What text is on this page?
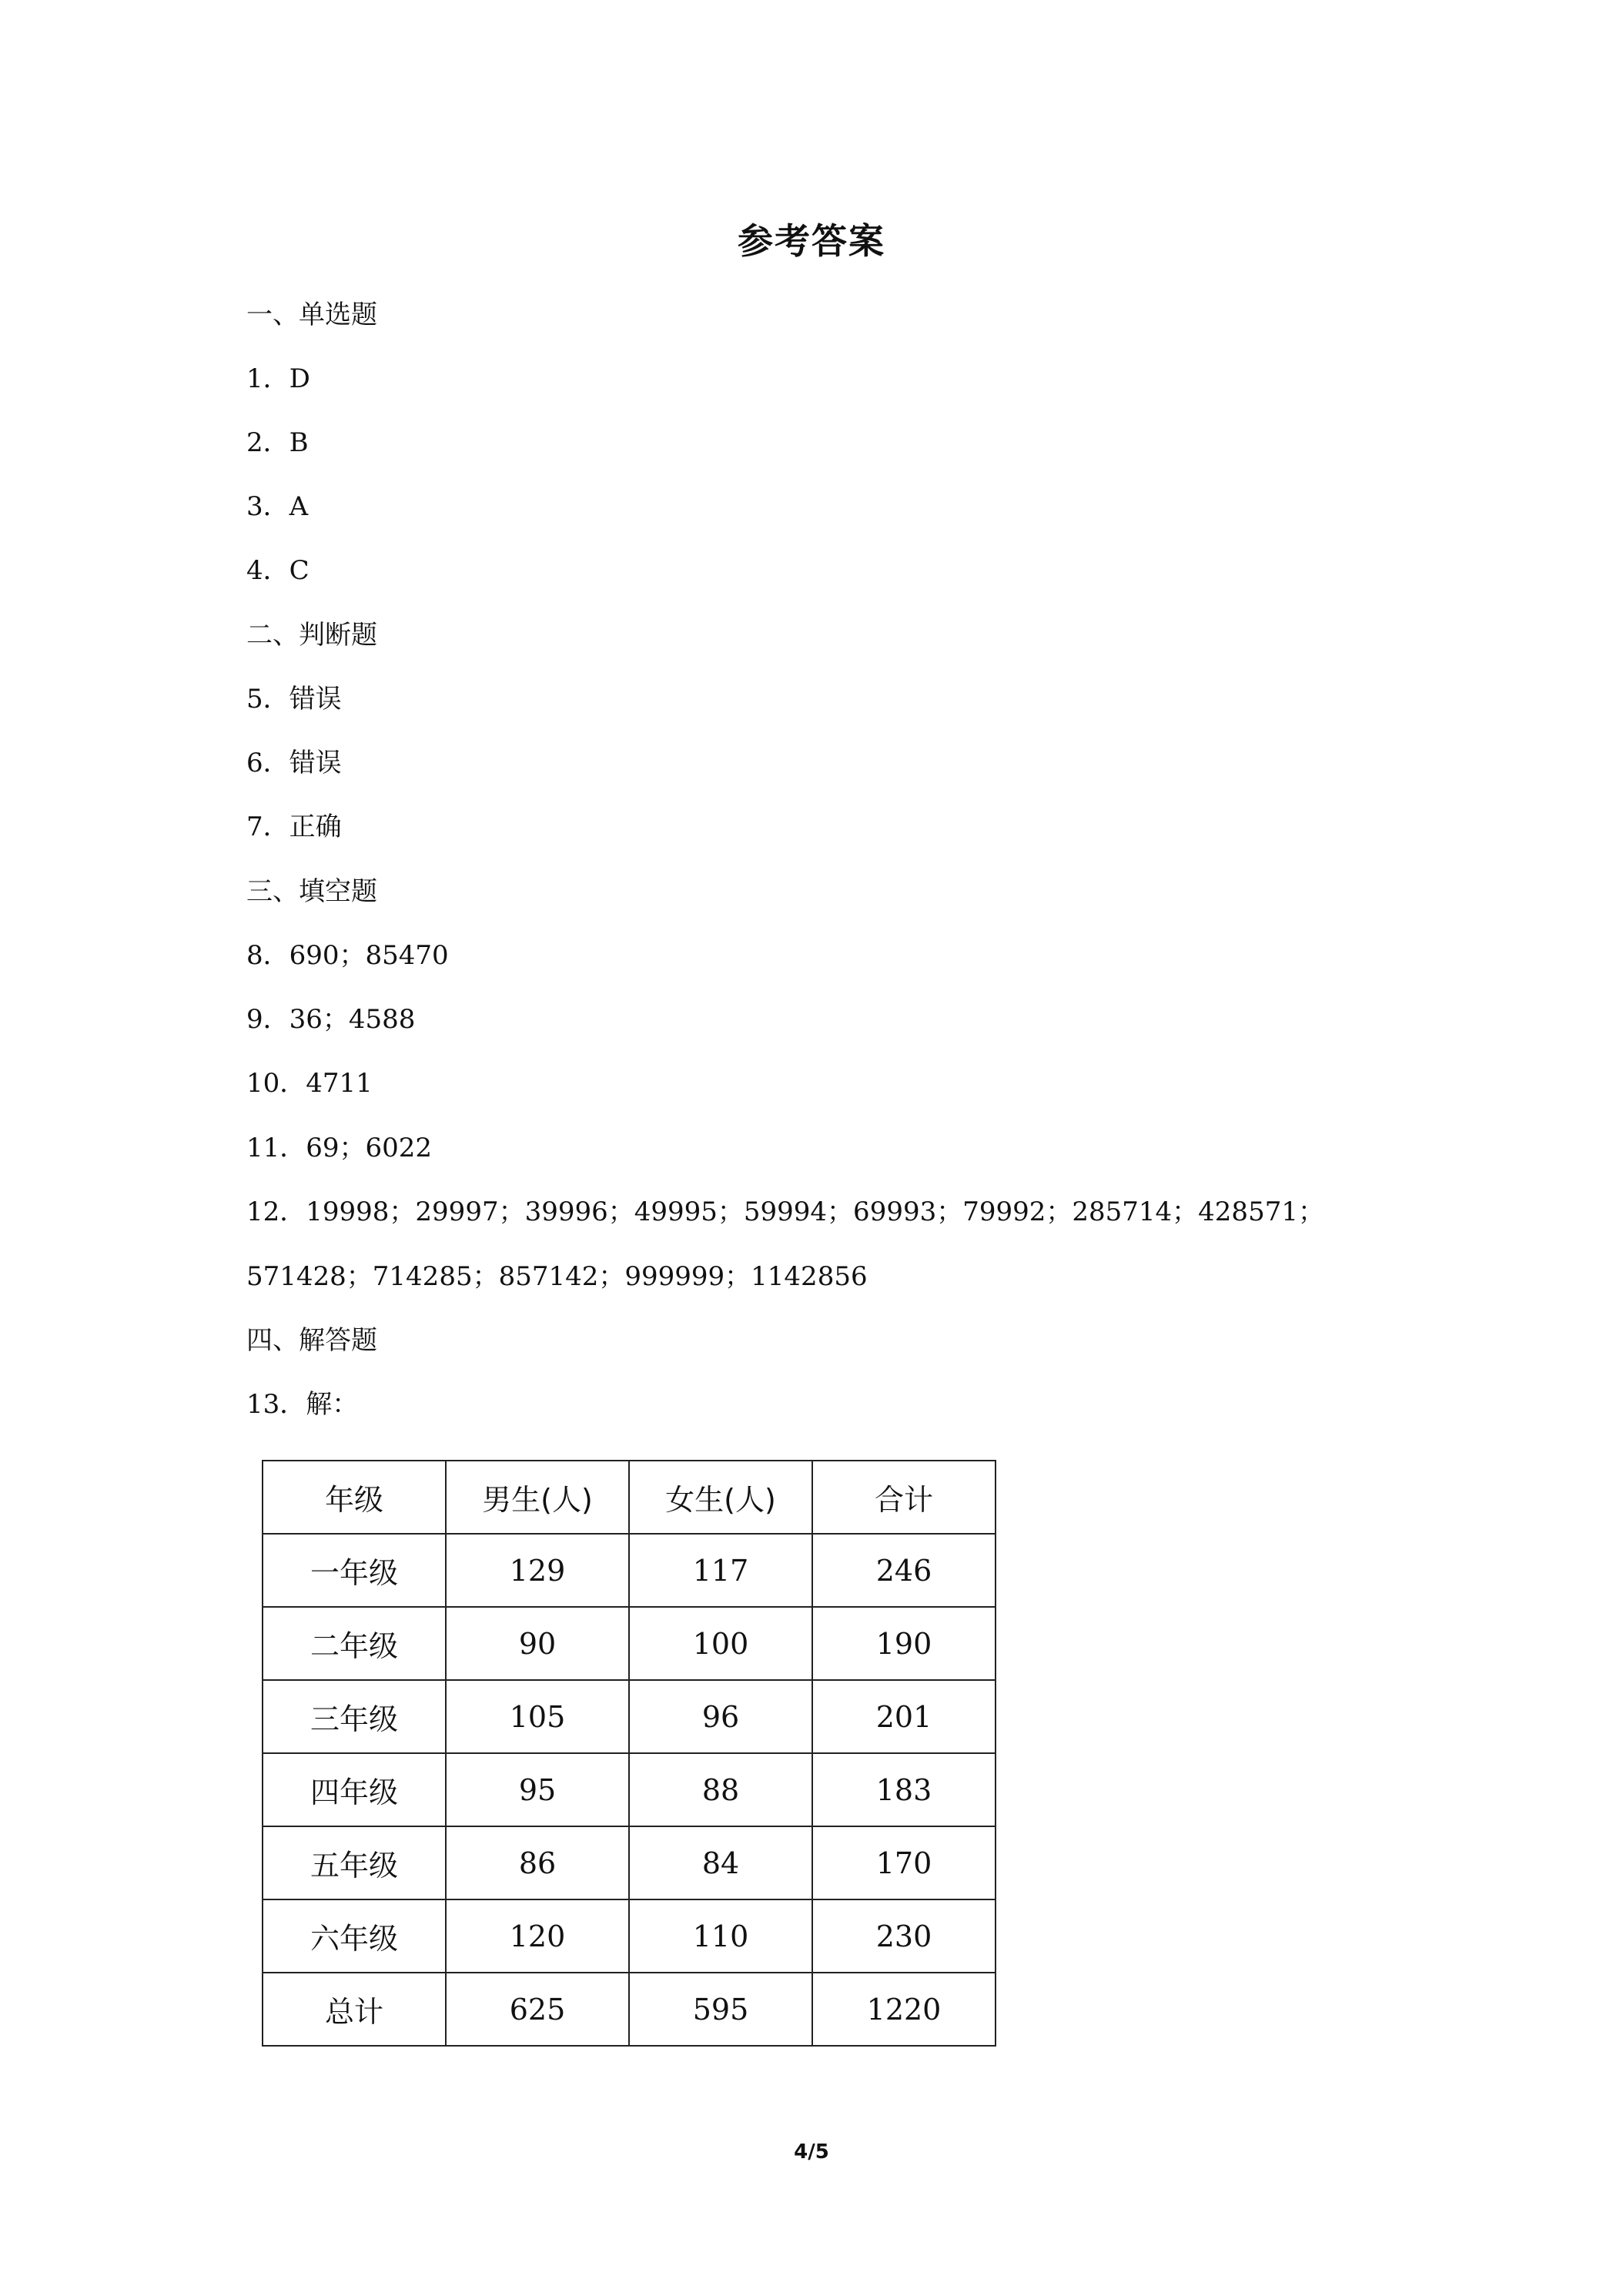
参考答案
一、单选题
1．D
2．B
3．A
4．C
二、判断题
5．错误
6．错误
7．正确
三、填空题
8．690；85470
9．36；4588
10．4711
11．69；6022
12．19998；29997；39996；49995；59994；69993；79992；285714；428571；571428；714285；857142；999999；1142856
四、解答题
13．解：
年级	男生(人)	女生(人)	合计
一年级	129	117	246
二年级	90	100	190
三年级	105	96	201
四年级	95	88	183
五年级	86	84	170
六年级	120	110	230
总计	625	595	1220
4/5
